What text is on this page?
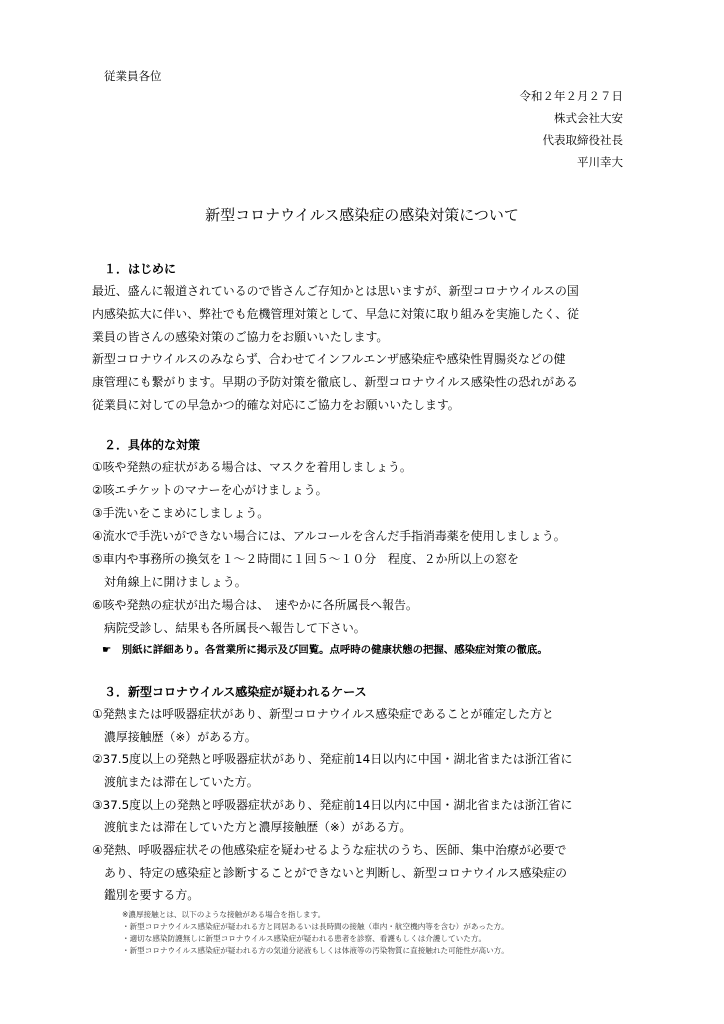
従業員各位
令和２年２月２７日
株式会社大安
代表取締役社長
平川幸大
新型コロナウイルス感染症の感染対策について
１．はじめに
最近、盛んに報道されているので皆さんご存知かとは思いますが、新型コロナウイルスの国
内感染拡大に伴い、弊社でも危機管理対策として、早急に対策に取り組みを実施したく、従
業員の皆さんの感染対策のご協力をお願いいたします。
新型コロナウイルスのみならず、合わせてインフルエンザ感染症や感染性胃腸炎などの健
康管理にも繋がります。早期の予防対策を徹底し、新型コロナウイルス感染性の恐れがある
従業員に対しての早急かつ的確な対応にご協力をお願いいたします。
２．具体的な対策
①咳や発熱の症状がある場合は、マスクを着用しましょう。
②咳エチケットのマナーを心がけましょう。
③手洗いをこまめにしましょう。
④流水で手洗いができない場合には、アルコールを含んだ手指消毒薬を使用しましょう。
⑤車内や事務所の換気を１～２時間に１回５～１０分　程度、２か所以上の窓を
対角線上に開けましょう。
⑥咳や発熱の症状が出た場合は、　速やかに各所属長へ報告。
病院受診し、結果も各所属長へ報告して下さい。
☛　別紙に詳細あり。各営業所に掲示及び回覧。点呼時の健康状態の把握、感染症対策の徹底。
３．新型コロナウイルス感染症が疑われるケース
①発熱または呼吸器症状があり、新型コロナウイルス感染症であることが確定した方と
濃厚接触歴（※）がある方。
②37.5度以上の発熱と呼吸器症状があり、発症前14日以内に中国・湖北省または浙江省に
渡航または滞在していた方。
③37.5度以上の発熱と呼吸器症状があり、発症前14日以内に中国・湖北省または浙江省に
渡航または滞在していた方と濃厚接触歴（※）がある方。
④発熱、呼吸器症状その他感染症を疑わせるような症状のうち、医師、集中治療が必要で
あり、特定の感染症と診断することができないと判断し、新型コロナウイルス感染症の
鑑別を要する方。
※濃厚接触とは、以下のような接触がある場合を指します。
・新型コロナウイルス感染症が疑われる方と同居あるいは長時間の接触（車内・航空機内等を含む）があった方。
・適切な感染防護無しに新型コロナウイルス感染症が疑われる患者を診察、看護もしくは介護していた方。
・新型コロナウイルス感染症が疑われる方の気道分泌液もしくは体液等の汚染物質に直接触れた可能性が高い方。
